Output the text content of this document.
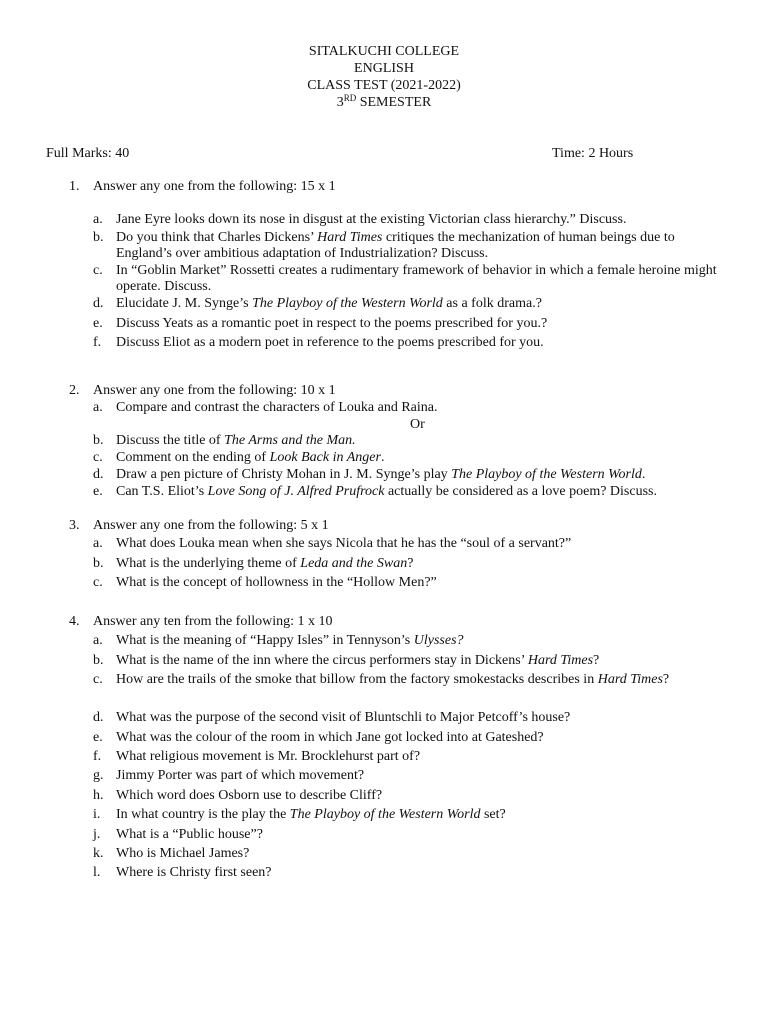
SITALKUCHI COLLEGE
ENGLISH
CLASS TEST (2021-2022)
3RD SEMESTER
Full Marks: 40	Time: 2 Hours
1. Answer any one from the following: 15 x 1
a. Jane Eyre looks down its nose in disgust at the existing Victorian class hierarchy.” Discuss.
b. Do you think that Charles Dickens’ Hard Times critiques the mechanization of human beings due to England’s over ambitious adaptation of Industrialization? Discuss.
c. In “Goblin Market” Rossetti creates a rudimentary framework of behavior in which a female heroine might operate. Discuss.
d. Elucidate J. M. Synge’s The Playboy of the Western World as a folk drama.?
e. Discuss Yeats as a romantic poet in respect to the poems prescribed for you.?
f. Discuss Eliot as a modern poet in reference to the poems prescribed for you.
2. Answer any one from the following: 10 x 1
a. Compare and contrast the characters of Louka and Raina.
Or
b. Discuss the title of The Arms and the Man.
c. Comment on the ending of Look Back in Anger.
d. Draw a pen picture of Christy Mohan in J. M. Synge’s play The Playboy of the Western World.
e. Can T.S. Eliot’s Love Song of J. Alfred Prufrock actually be considered as a love poem? Discuss.
3. Answer any one from the following: 5 x 1
a. What does Louka mean when she says Nicola that he has the “soul of a servant?”
b. What is the underlying theme of Leda and the Swan?
c. What is the concept of hollowness in the “Hollow Men?”
4. Answer any ten from the following: 1 x 10
a. What is the meaning of “Happy Isles” in Tennyson’s Ulysses?
b. What is the name of the inn where the circus performers stay in Dickens’ Hard Times?
c. How are the trails of the smoke that billow from the factory smokestacks describes in Hard Times?
d. What was the purpose of the second visit of Bluntschli to Major Petcoff’s house?
e. What was the colour of the room in which Jane got locked into at Gateshed?
f. What religious movement is Mr. Brocklehurst part of?
g. Jimmy Porter was part of which movement?
h. Which word does Osborn use to describe Cliff?
i. In what country is the play the The Playboy of the Western World set?
j. What is a “Public house”?
k. Who is Michael James?
l. Where is Christy first seen?
